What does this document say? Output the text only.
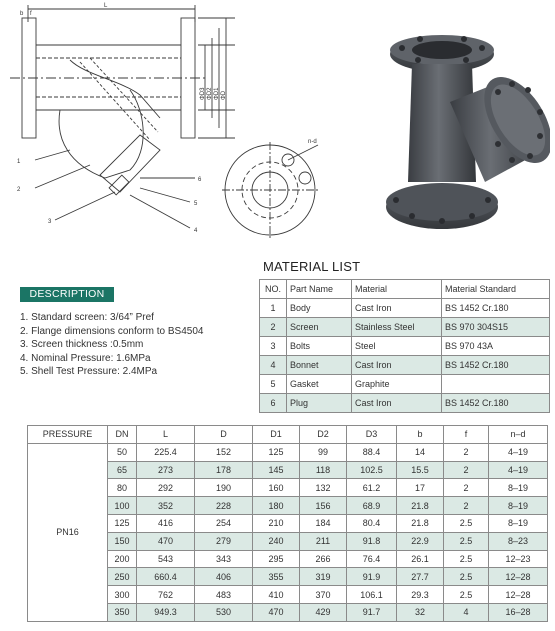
L
b f
n-d
ΦD3 ΦD2 ΦD1 ΦD
1
2
3
4
5
6
MATERIAL LIST
NO.	Part Name	Material	Material Standard
1	Body	Cast Iron	BS 1452 Cr.180
2	Screen	Stainless Steel	BS 970 304S15
3	Bolts	Steel	BS 970 43A
4	Bonnet	Cast Iron	BS 1452 Cr.180
5	Gasket	Graphite	
6	Plug	Cast Iron	BS 1452 Cr.180
DESCRIPTION
1. Standard screen: 3/64” Pref
2. Flange dimensions conform to BS4504
3. Screen thickness :0.5mm
4. Nominal Pressure: 1.6MPa
5. Shell Test Pressure: 2.4MPa
PRESSURE	DN	L	D	D1	D2	D3	b	f	n–d
PN16	50	225.4	152	125	99	88.4	14	2	4–19
	65	273	178	145	118	102.5	15.5	2	4–19
	80	292	190	160	132	61.2	17	2	8–19
	100	352	228	180	156	68.9	21.8	2	8–19
	125	416	254	210	184	80.4	21.8	2.5	8–19
	150	470	279	240	211	91.8	22.9	2.5	8–23
	200	543	343	295	266	76.4	26.1	2.5	12–23
	250	660.4	406	355	319	91.9	27.7	2.5	12–28
	300	762	483	410	370	106.1	29.3	2.5	12–28
	350	949.3	530	470	429	91.7	32	4	16–28
